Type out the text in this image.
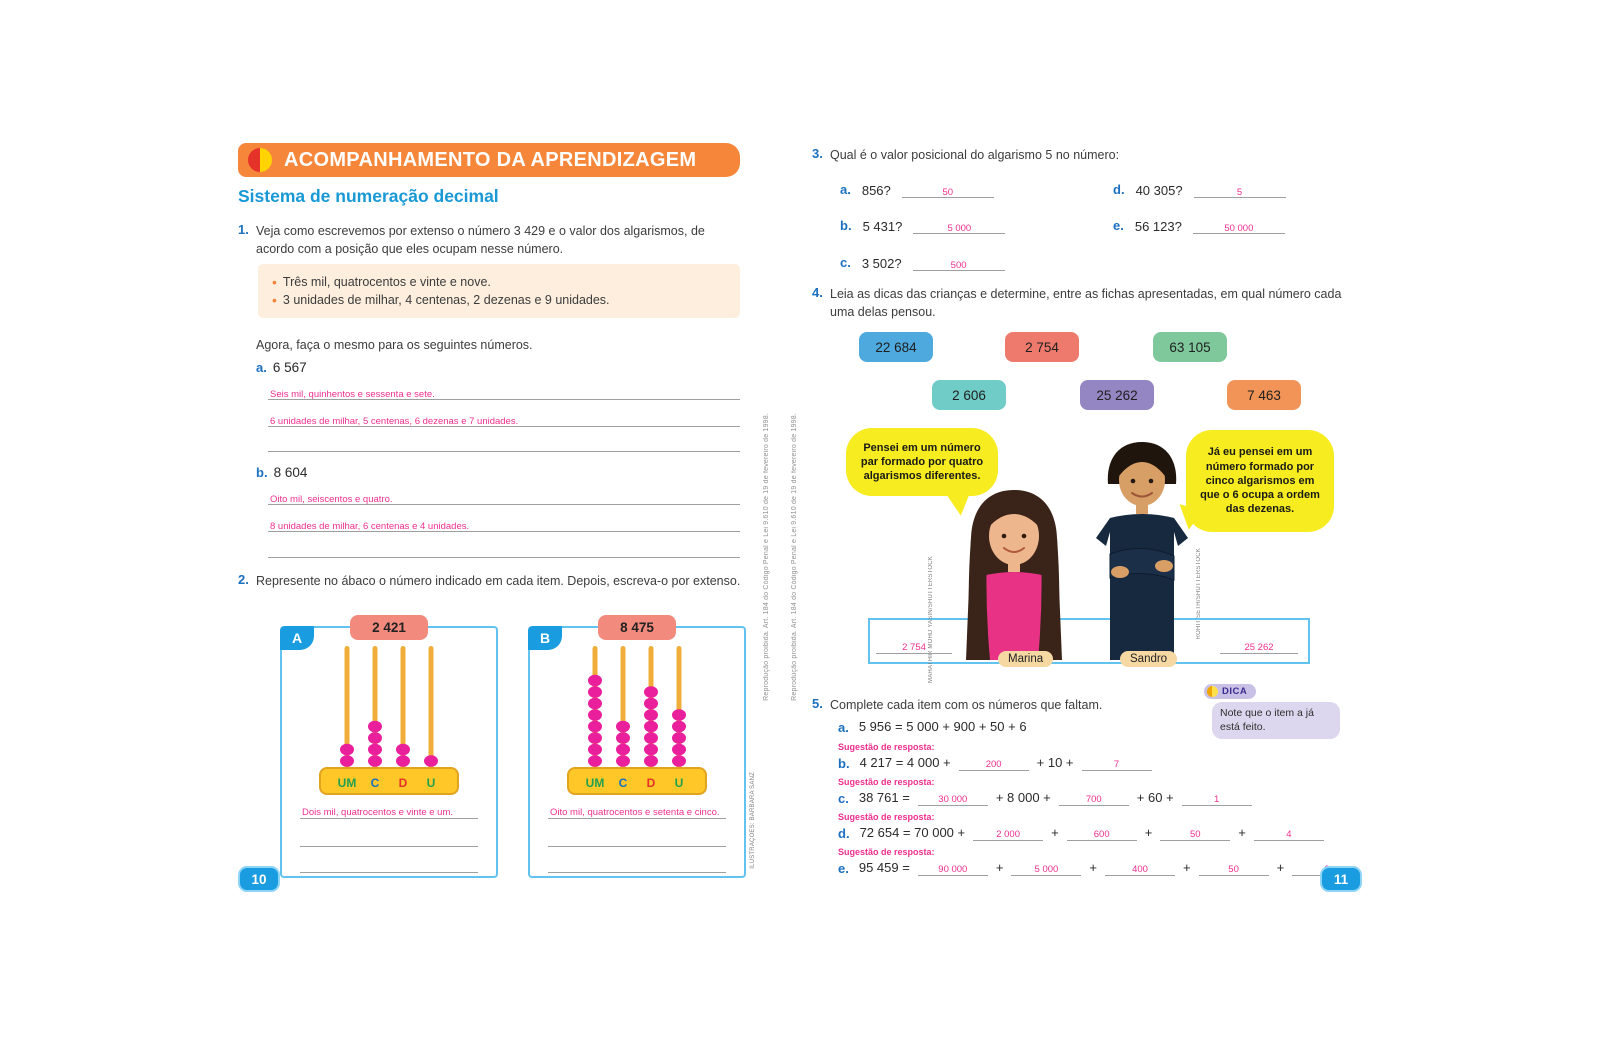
ACOMPANHAMENTO DA APRENDIZAGEM
Sistema de numeração decimal
1. Veja como escrevemos por extenso o número 3 429 e o valor dos algarismos, de acordo com a posição que eles ocupam nesse número.
• Três mil, quatrocentos e vinte e nove.
• 3 unidades de milhar, 4 centenas, 2 dezenas e 9 unidades.
Agora, faça o mesmo para os seguintes números.
a. 6 567
Seis mil, quinhentos e sessenta e sete.
6 unidades de milhar, 5 centenas, 6 dezenas e 7 unidades.
b. 8 604
Oito mil, seiscentos e quatro.
8 unidades de milhar, 6 centenas e 4 unidades.
2. Represente no ábaco o número indicado em cada item. Depois, escreva-o por extenso.
A
2 421
UM C D U
Dois mil, quatrocentos e vinte e um.
B
8 475
UM C D U
Oito mil, quatrocentos e setenta e cinco.
10
ILUSTRAÇÕES: BARBARA SANZ
Reprodução proibida. Art. 184 do Código Penal e Lei 9.610 de 19 de fevereiro de 1998.	Reprodução proibida. Art. 184 do Código Penal e Lei 9.610 de 19 de fevereiro de 1998.
3. Qual é o valor posicional do algarismo 5 no número:
a. 856?	50	d. 40 305?	5
b. 5 431?	5 000	e. 56 123?	50 000
c. 3 502?	500
4. Leia as dicas das crianças e determine, entre as fichas apresentadas, em qual número cada uma delas pensou.
22 684	2 754	63 105
2 606	25 262	7 463
Pensei em um número par formado por quatro algarismos diferentes.
Já eu pensei em um número formado por cinco algarismos em que o 6 ocupa a ordem das dezenas.
2 754	25 262
Marina	Sandro
MAHATHIR MOHD YASIN/SHUTTERSTOCK	ROHIT SETH/SHUTTERSTOCK
5. Complete cada item com os números que faltam.
DICA
Note que o item a já está feito.
a. 5 956 = 5 000 + 900 + 50 + 6
Sugestão de resposta:
b. 4 217 = 4 000 +	200	+ 10 +	7
Sugestão de resposta:
c. 38 761 =	30 000 + 8 000 +	700	+ 60 +	1
Sugestão de resposta:
d. 72 654 = 70 000 +	2 000 +	600	+	50	+	4
Sugestão de resposta:
e. 95 459 =	90 000 +	5 000 +	400	+	50	+
11
